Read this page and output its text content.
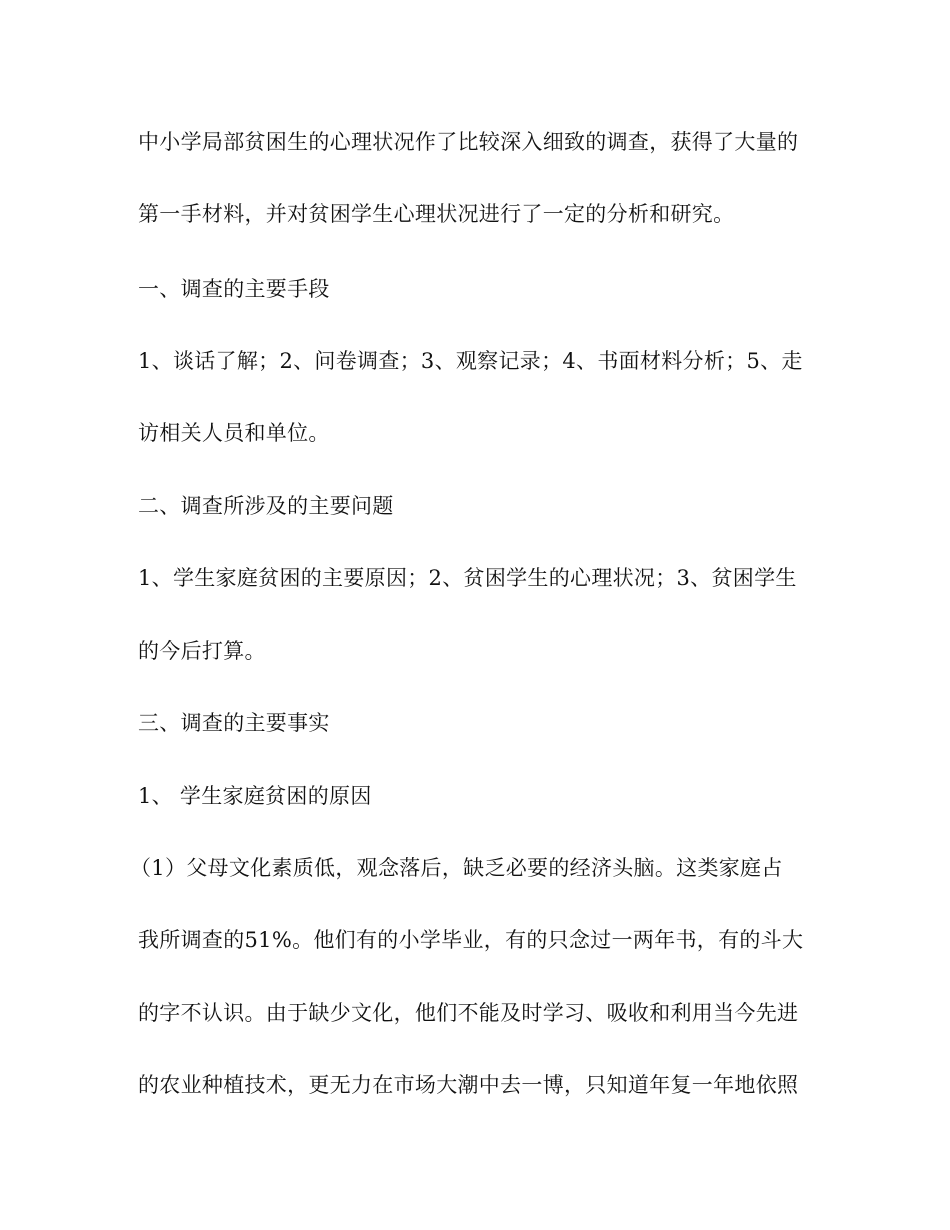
中小学局部贫困生的心理状况作了比较深入细致的调查，获得了大量的
第一手材料，并对贫困学生心理状况进行了一定的分析和研究。
一、调查的主要手段
1、谈话了解；2、问卷调查；3、观察记录；4、书面材料分析；5、走
访相关人员和单位。
二、调查所涉及的主要问题
1、学生家庭贫困的主要原因；2、贫困学生的心理状况；3、贫困学生
的今后打算。
三、调查的主要事实
1、 学生家庭贫困的原因
（1）父母文化素质低，观念落后，缺乏必要的经济头脑。这类家庭占
我所调查的51%。他们有的小学毕业，有的只念过一两年书，有的斗大
的字不认识。由于缺少文化，他们不能及时学习、吸收和利用当今先进
的农业种植技术，更无力在市场大潮中去一博，只知道年复一年地依照
